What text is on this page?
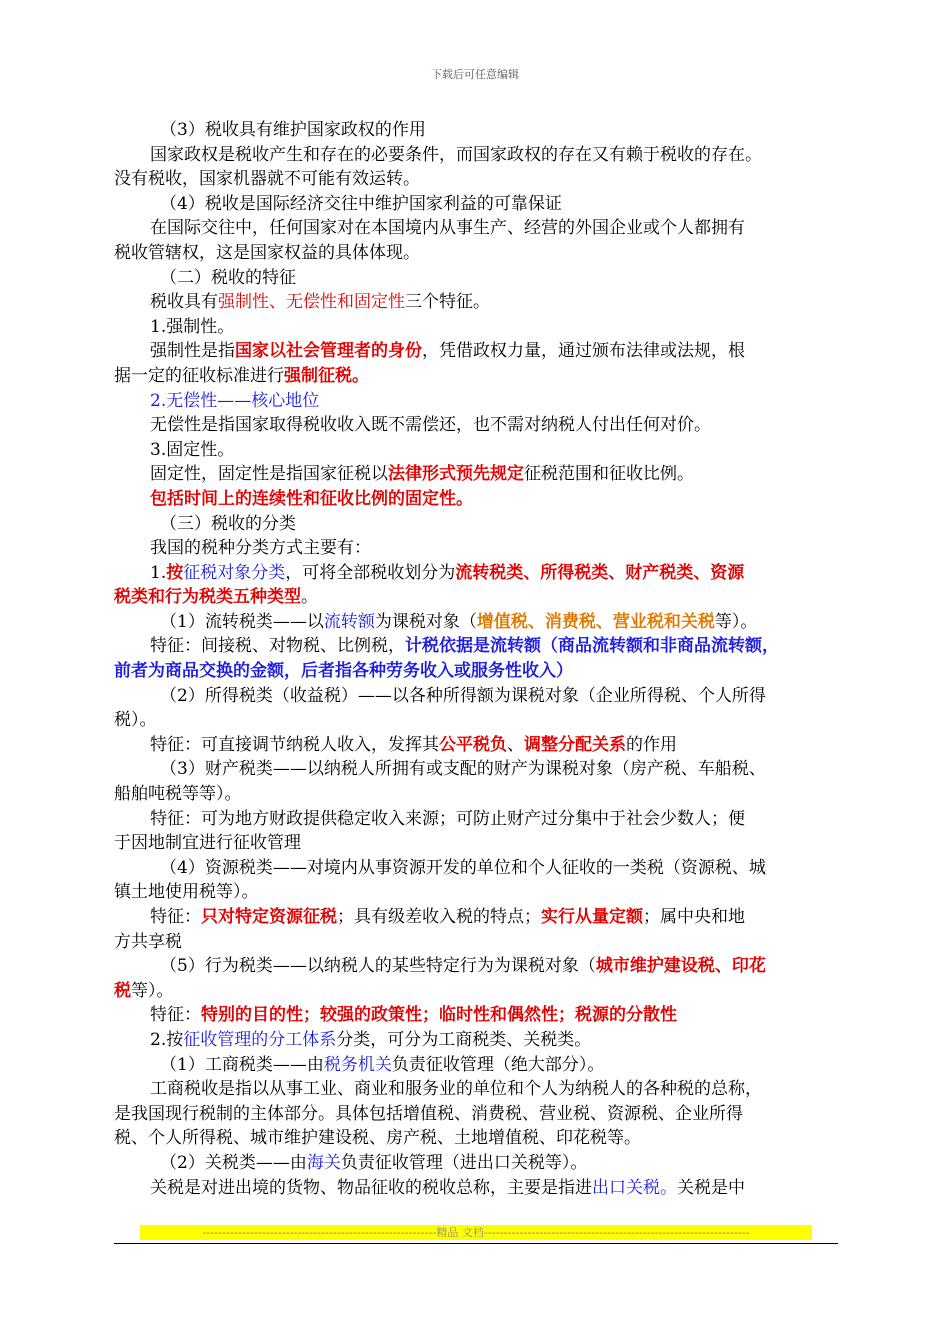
下载后可任意编辑

（3）税收具有维护国家政权的作用

国家政权是税收产生和存在的必要条件，而国家政权的存在又有赖于税收的存在。

没有税收，国家机器就不可能有效运转。

（4）税收是国际经济交往中维护国家利益的可靠保证

在国际交往中，任何国家对在本国境内从事生产、经营的外国企业或个人都拥有

税收管辖权，这是国家权益的具体体现。

（二）税收的特征

税收具有强制性、无偿性和固定性三个特征。

1.强制性。

强制性是指国家以社会管理者的身份，凭借政权力量，通过颁布法律或法规，根

据一定的征收标准进行强制征税。

2.无偿性——核心地位

无偿性是指国家取得税收收入既不需偿还，也不需对纳税人付出任何对价。

3.固定性。

固定性，固定性是指国家征税以法律形式预先规定征税范围和征收比例。

包括时间上的连续性和征收比例的固定性。

（三）税收的分类

我国的税种分类方式主要有：

1.按征税对象分类，可将全部税收划分为流转税类、所得税类、财产税类、资源

税类和行为税类五种类型。

（1）流转税类——以流转额为课税对象（增值税、消费税、营业税和关税等）。

特征：间接税、对物税、比例税，计税依据是流转额（商品流转额和非商品流转额，

前者为商品交换的金额，后者指各种劳务收入或服务性收入）

（2）所得税类（收益税）——以各种所得额为课税对象（企业所得税、个人所得

税）。

特征：可直接调节纳税人收入，发挥其公平税负、调整分配关系的作用

（3）财产税类——以纳税人所拥有或支配的财产为课税对象（房产税、车船税、

船舶吨税等等）。

特征：可为地方财政提供稳定收入来源；可防止财产过分集中于社会少数人；便

于因地制宜进行征收管理

（4）资源税类——对境内从事资源开发的单位和个人征收的一类税（资源税、城

镇土地使用税等）。

特征：只对特定资源征税；具有级差收入税的特点；实行从量定额；属中央和地

方共享税

（5）行为税类——以纳税人的某些特定行为为课税对象（城市维护建设税、印花

税等）。

特征：特别的目的性；较强的政策性；临时性和偶然性；税源的分散性

2.按征收管理的分工体系分类，可分为工商税类、关税类。

（1）工商税类——由税务机关负责征收管理（绝大部分）。

工商税收是指以从事工业、商业和服务业的单位和个人为纳税人的各种税的总称，

是我国现行税制的主体部分。具体包括增值税、消费税、营业税、资源税、企业所得

税、个人所得税、城市维护建设税、房产税、土地增值税、印花税等。

（2）关税类——由海关负责征收管理（进出口关税等）。

关税是对进出境的货物、物品征收的税收总称，主要是指进出口关税。关税是中

-----------------------------------------------------------精品 文档-------------------------------------------------------------------
